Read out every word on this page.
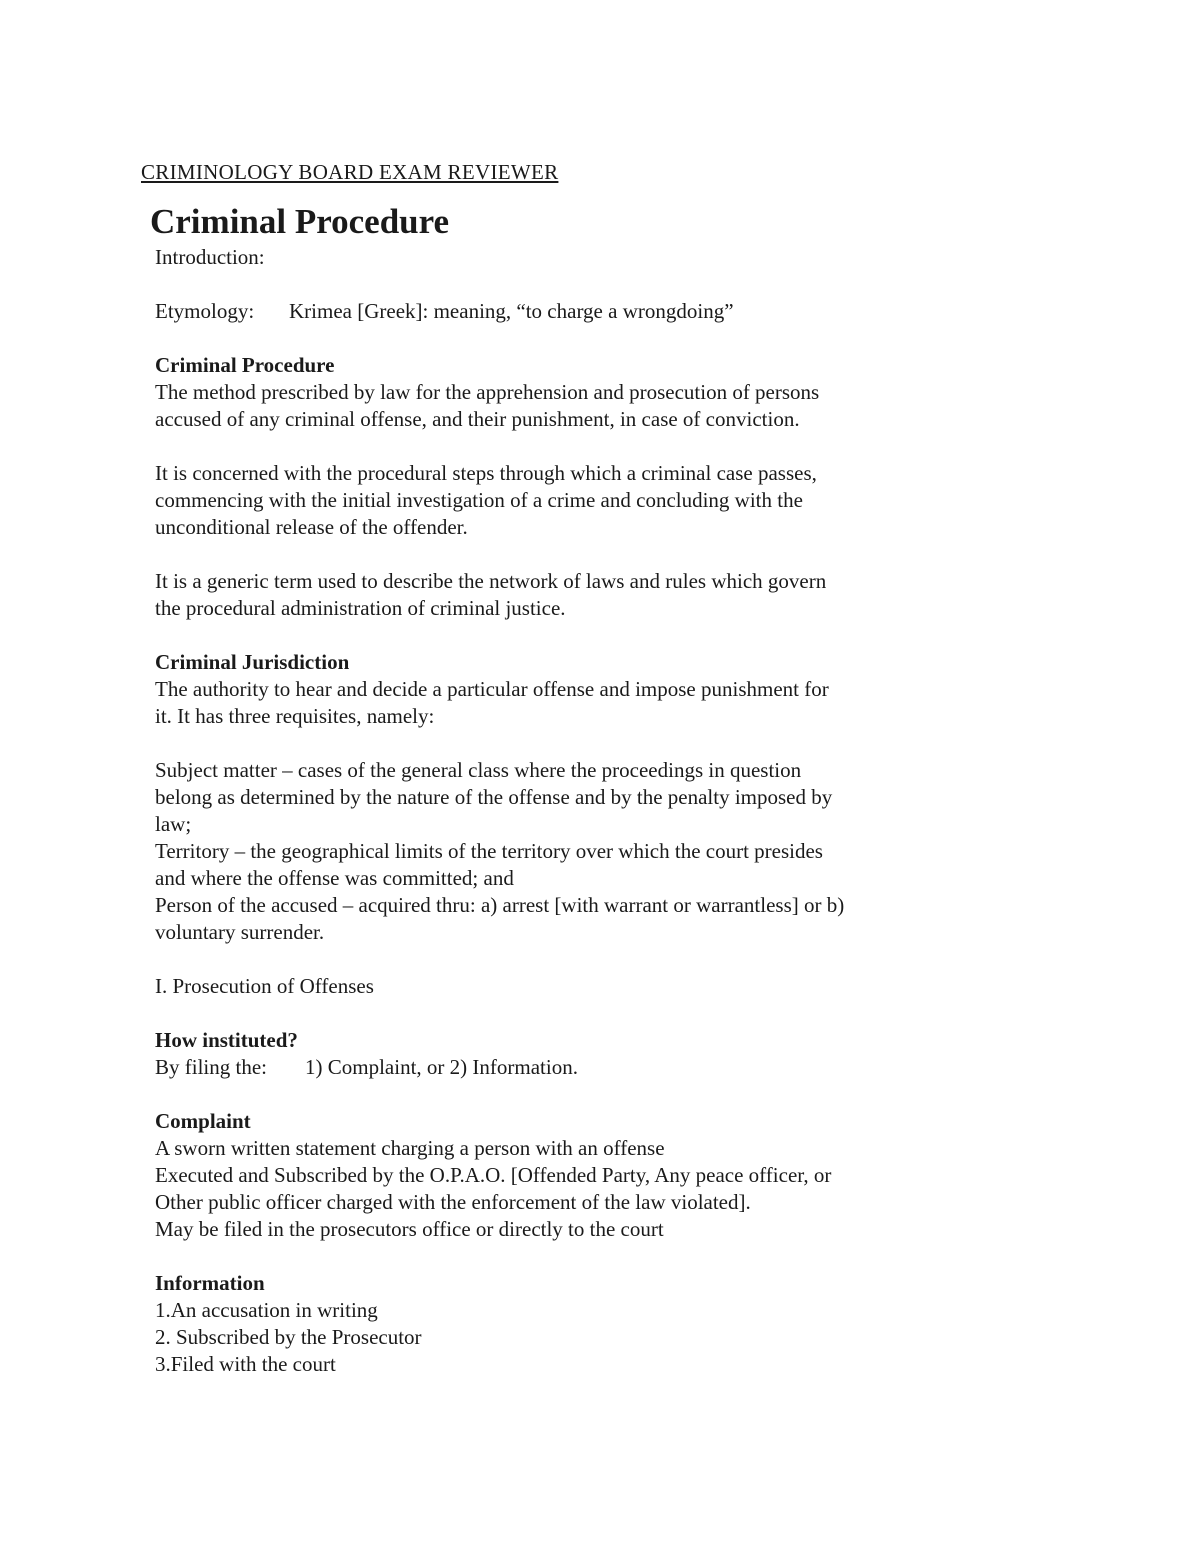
CRIMINOLOGY BOARD EXAM REVIEWER
Criminal Procedure
Introduction:
Etymology: Krimea [Greek]: meaning, “to charge a wrongdoing”
Criminal Procedure
The method prescribed by law for the apprehension and prosecution of persons
accused of any criminal offense, and their punishment, in case of conviction.
It is concerned with the procedural steps through which a criminal case passes,
commencing with the initial investigation of a crime and concluding with the
unconditional release of the offender.
It is a generic term used to describe the network of laws and rules which govern
the procedural administration of criminal justice.
Criminal Jurisdiction
The authority to hear and decide a particular offense and impose punishment for
it. It has three requisites, namely:
Subject matter – cases of the general class where the proceedings in question
belong as determined by the nature of the offense and by the penalty imposed by
law;
Territory – the geographical limits of the territory over which the court presides
and where the offense was committed; and
Person of the accused – acquired thru: a) arrest [with warrant or warrantless] or b)
voluntary surrender.
I. Prosecution of Offenses
How instituted?
By filing the: 1) Complaint, or 2) Information.
Complaint
A sworn written statement charging a person with an offense
Executed and Subscribed by the O.P.A.O. [Offended Party, Any peace officer, or
Other public officer charged with the enforcement of the law violated].
May be filed in the prosecutors office or directly to the court
Information
1.An accusation in writing
2. Subscribed by the Prosecutor
3.Filed with the court
